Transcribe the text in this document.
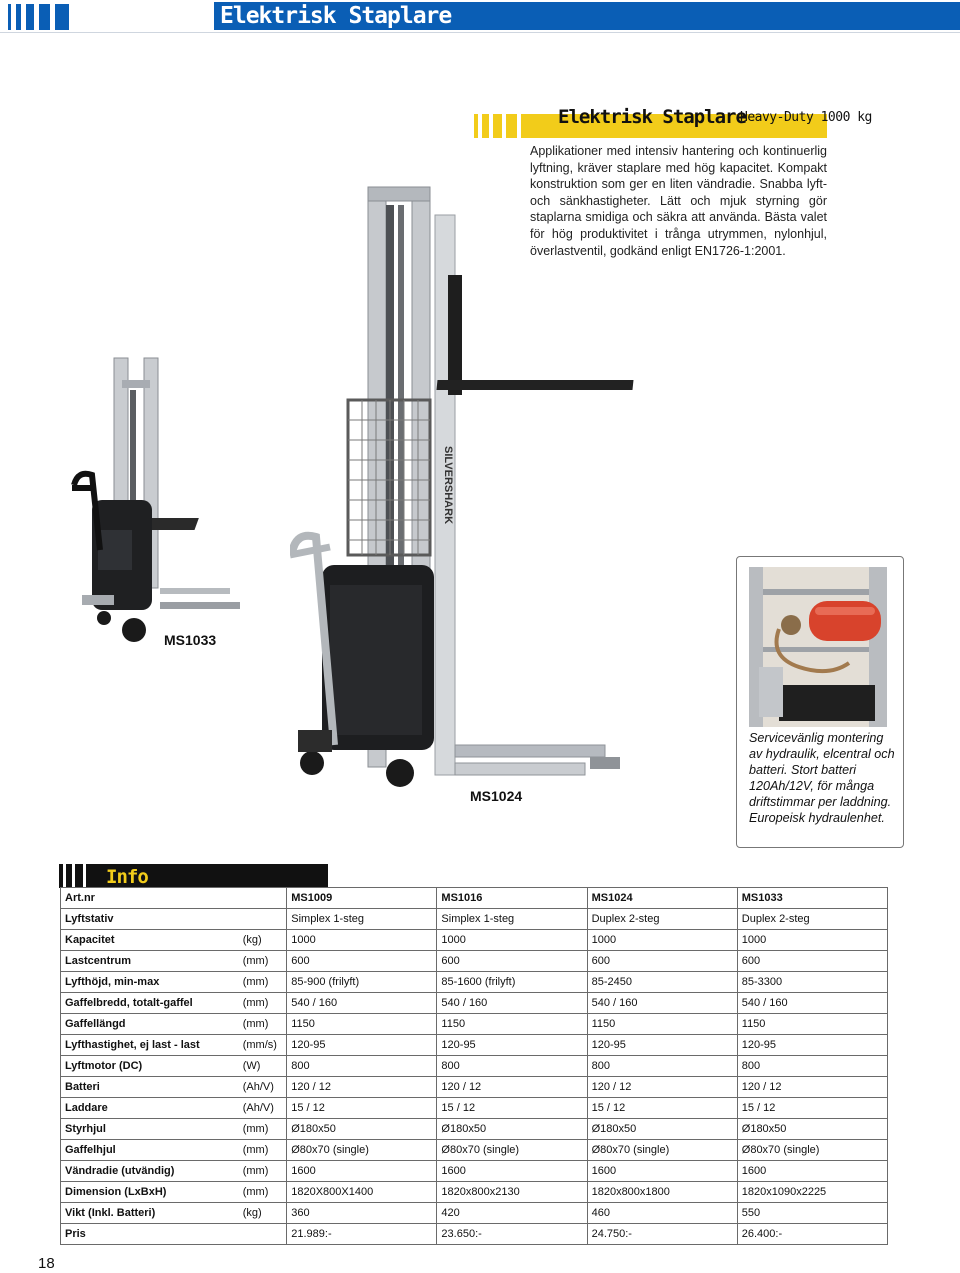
Elektrisk Staplare
Elektrisk Staplare
Heavy-Duty 1000 kg
Applikationer med intensiv hantering och kontinuerlig lyftning, kräver staplare med hög kapacitet. Kompakt konstruktion som ger en liten vändradie. Snabba lyft- och sänkhastigheter. Lätt och mjuk styrning gör staplarna smidiga och säkra att använda. Bästa valet för hög produktivitet i trånga utrymmen, nylonhjul, överlastventil, godkänd enligt EN1726-1:2001.
MS1033
SILVERSHARK
MS1024
Servicevänlig montering av hydraulik, elcentral och batteri. Stort batteri 120Ah/12V, för många driftstimmar per laddning. Europeisk hydraulenhet.
Info
Art.nr		MS1009	MS1016	MS1024	MS1033
Lyftstativ		Simplex 1-steg	Simplex 1-steg	Duplex 2-steg	Duplex 2-steg
Kapacitet	(kg)	1000	1000	1000	1000
Lastcentrum	(mm)	600	600	600	600
Lyfthöjd, min-max	(mm)	85-900 (frilyft)	85-1600 (frilyft)	85-2450	85-3300
Gaffelbredd, totalt-gaffel	(mm)	540 / 160	540 / 160	540 / 160	540 / 160
Gaffellängd	(mm)	1150	1150	1150	1150
Lyfthastighet, ej last - last	(mm/s)	120-95	120-95	120-95	120-95
Lyftmotor (DC)	(W)	800	800	800	800
Batteri	(Ah/V)	120 / 12	120 / 12	120 / 12	120 / 12
Laddare	(Ah/V)	15 / 12	15 / 12	15 / 12	15 / 12
Styrhjul	(mm)	Ø180x50	Ø180x50	Ø180x50	Ø180x50
Gaffelhjul	(mm)	Ø80x70 (single)	Ø80x70 (single)	Ø80x70 (single)	Ø80x70 (single)
Vändradie (utvändig)	(mm)	1600	1600	1600	1600
Dimension (LxBxH)	(mm)	1820X800X1400	1820x800x2130	1820x800x1800	1820x1090x2225
Vikt (Inkl. Batteri)	(kg)	360	420	460	550
Pris		21.989:-	23.650:-	24.750:-	26.400:-
18
